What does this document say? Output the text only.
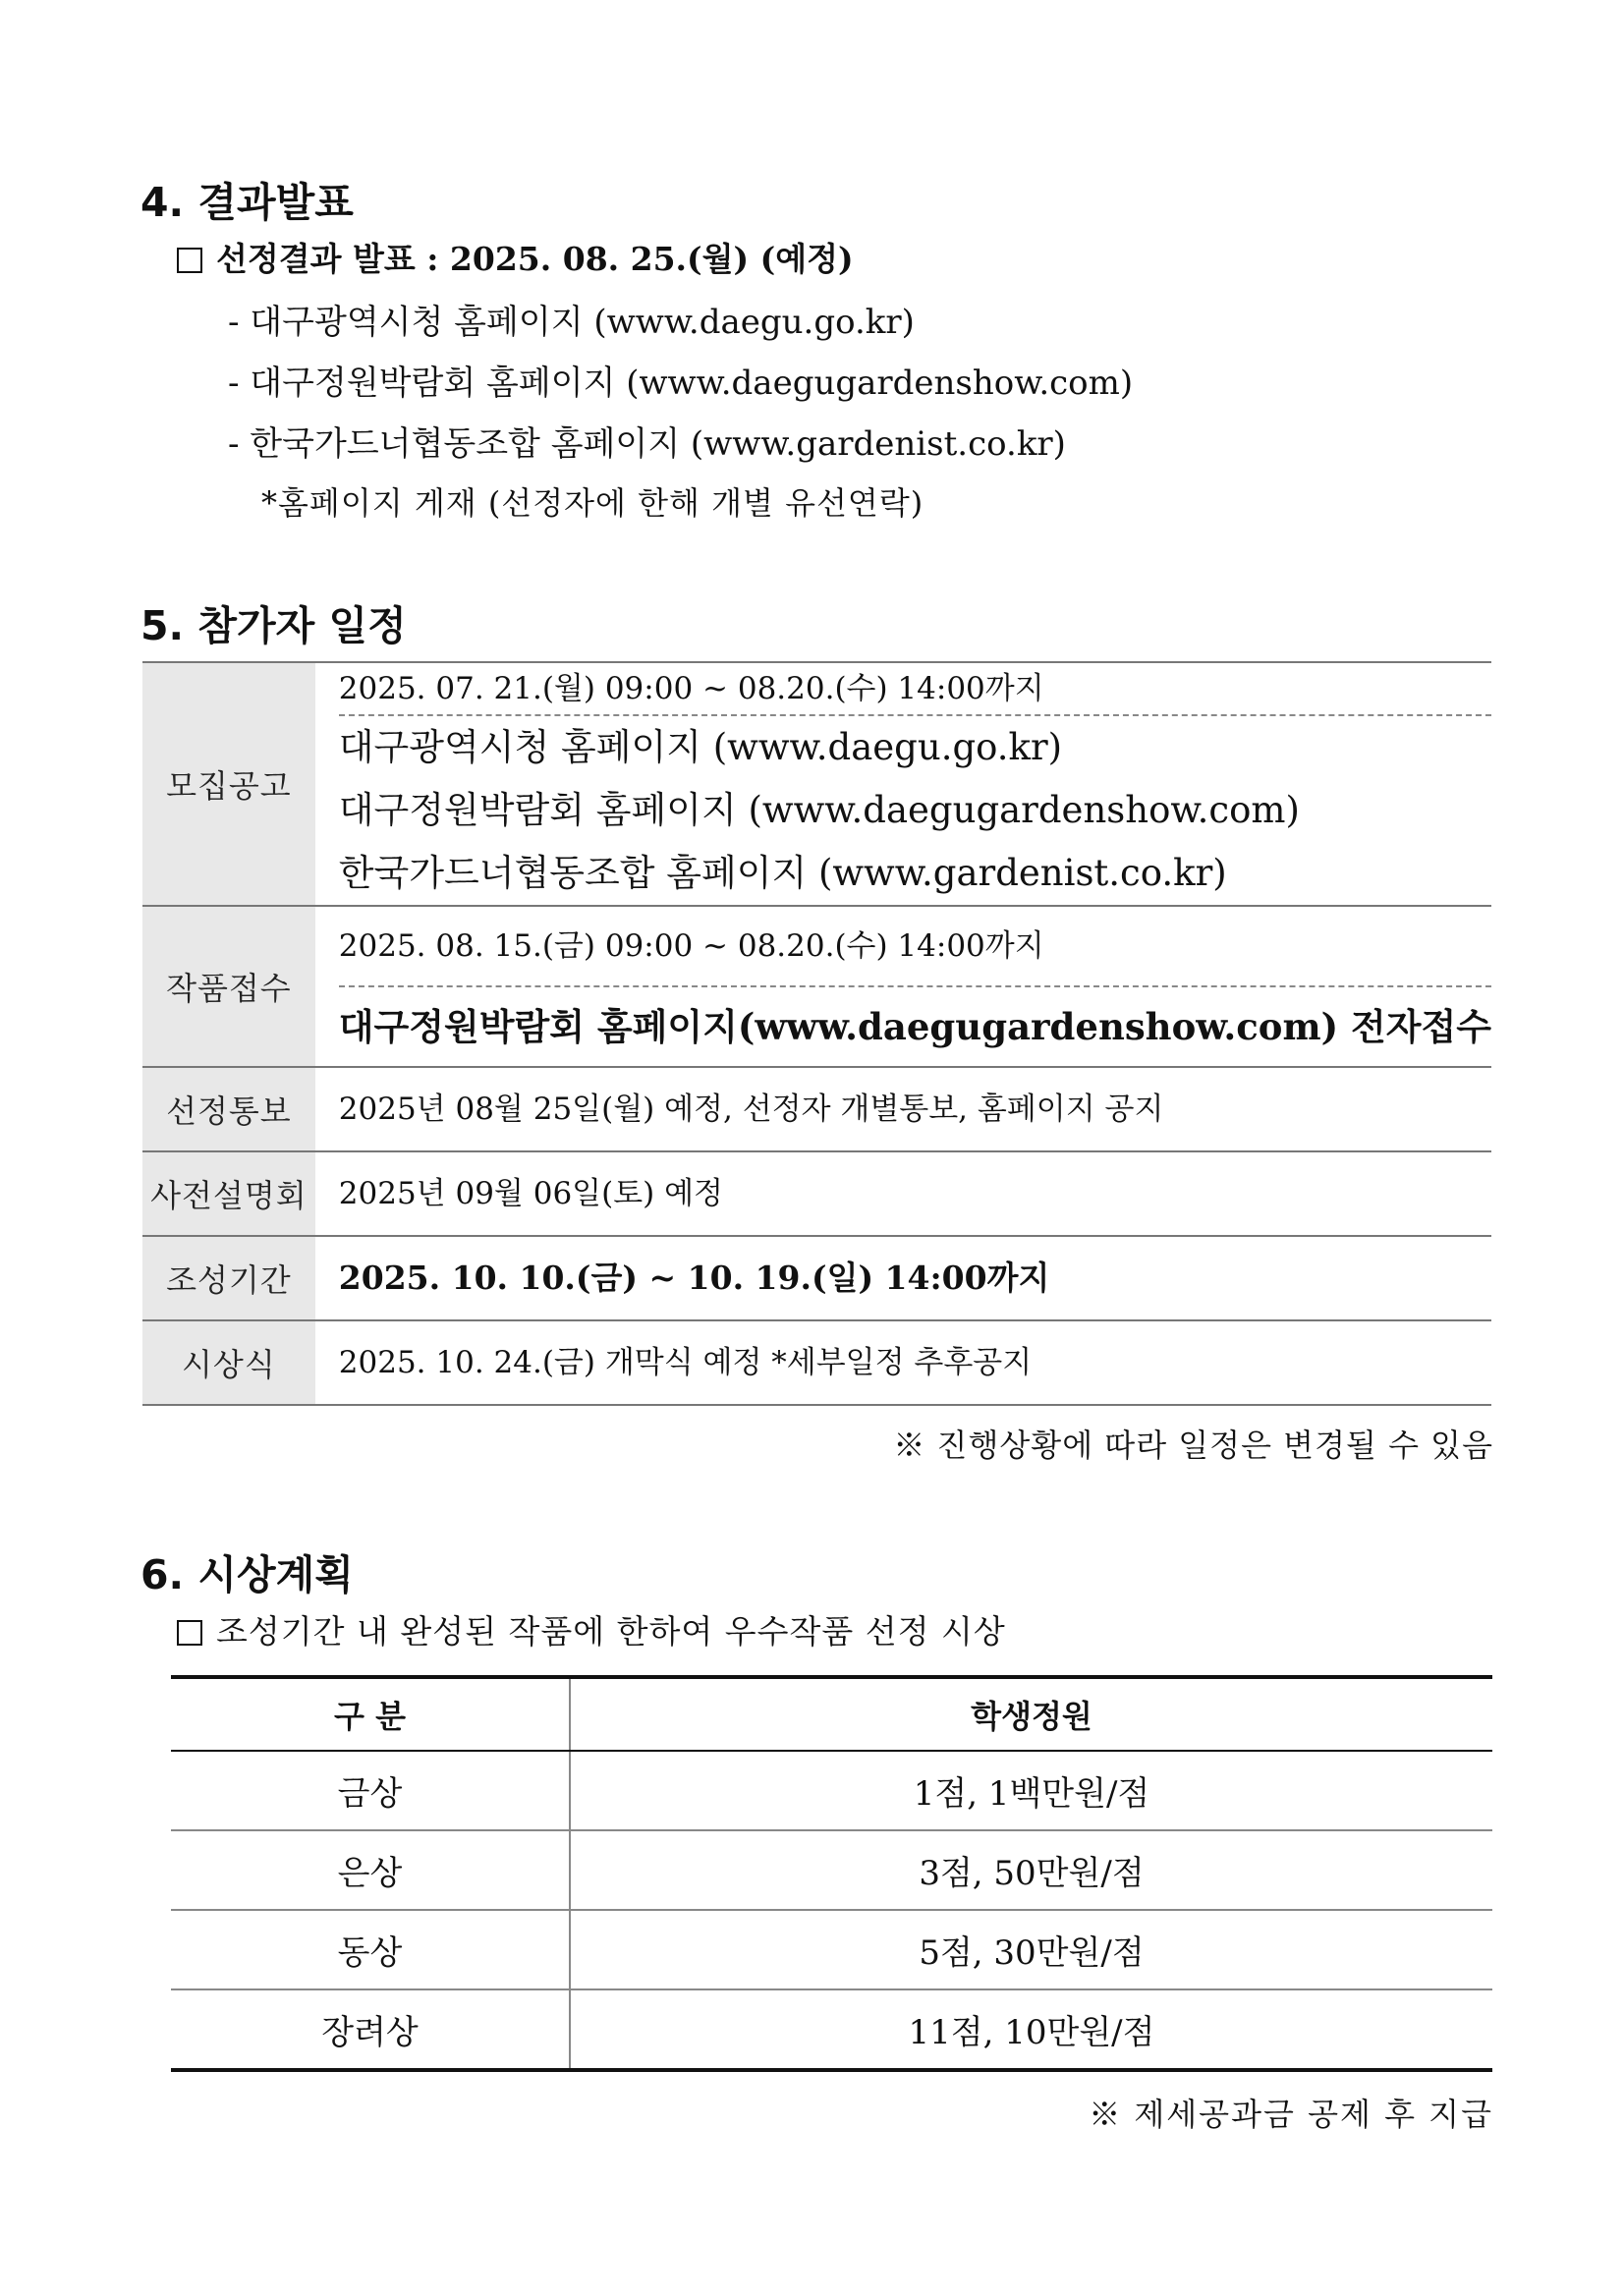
4. 결과발표
선정결과 발표 : 2025. 08. 25.(월) (예정)
- 대구광역시청 홈페이지 (www.daegu.go.kr)
- 대구정원박람회 홈페이지 (www.daegugardenshow.com)
- 한국가드너협동조합 홈페이지 (www.gardenist.co.kr)
*홈페이지 게재 (선정자에 한해 개별 유선연락)
5. 참가자 일정
모집공고	2025. 07. 21.(월) 09:00 ~ 08.20.(수) 14:00까지
대구광역시청 홈페이지 (www.daegu.go.kr)
대구정원박람회 홈페이지 (www.daegugardenshow.com)
한국가드너협동조합 홈페이지 (www.gardenist.co.kr)

작품접수	2025. 08. 15.(금) 09:00 ~ 08.20.(수) 14:00까지
대구정원박람회 홈페이지(www.daegugardenshow.com) 전자접수

선정통보	2025년 08월 25일(월) 예정, 선정자 개별통보, 홈페이지 공지
사전설명회	2025년 09월 06일(토) 예정
조성기간	2025. 10. 10.(금) ~ 10. 19.(일) 14:00까지
시상식	2025. 10. 24.(금) 개막식 예정 *세부일정 추후공지
※ 진행상황에 따라 일정은 변경될 수 있음
6. 시상계획
조성기간 내 완성된 작품에 한하여 우수작품 선정 시상
구 분	학생정원
금상	1점, 1백만원/점
은상	3점, 50만원/점
동상	5점, 30만원/점
장려상	11점, 10만원/점
※ 제세공과금 공제 후 지급
